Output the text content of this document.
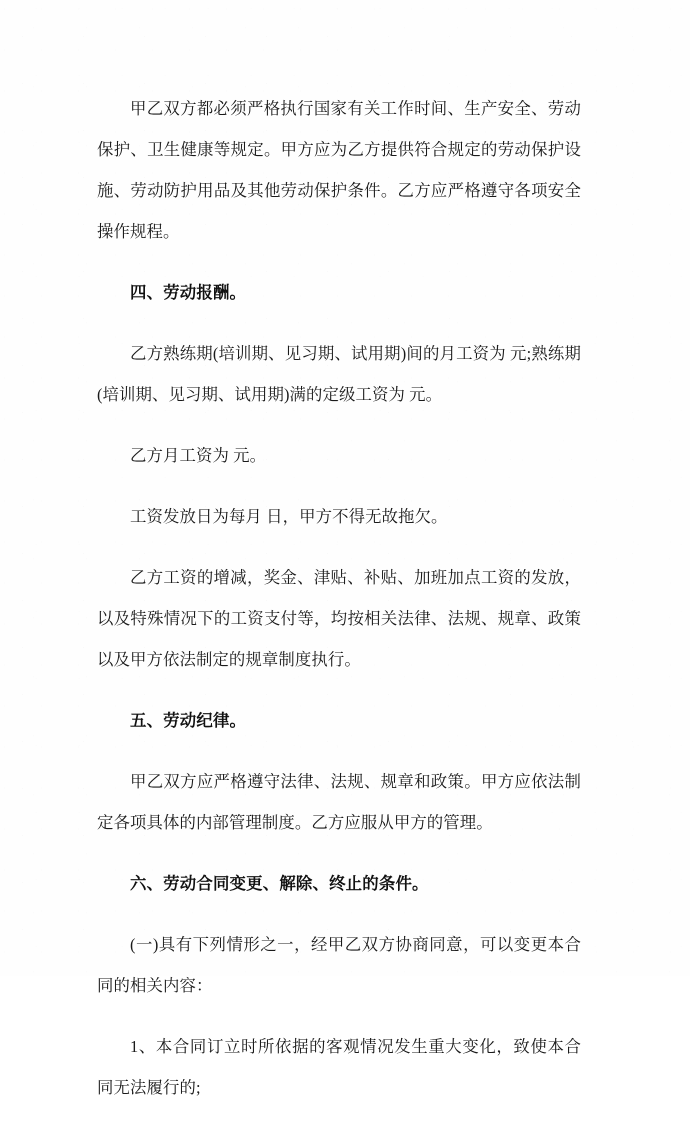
甲乙双方都必须严格执行国家有关工作时间、生产安全、劳动保护、卫生健康等规定。甲方应为乙方提供符合规定的劳动保护设施、劳动防护用品及其他劳动保护条件。乙方应严格遵守各项安全操作规程。

四、劳动报酬。

乙方熟练期(培训期、见习期、试用期)间的月工资为 元;熟练期(培训期、见习期、试用期)满的定级工资为 元。

乙方月工资为 元。

工资发放日为每月 日，甲方不得无故拖欠。

乙方工资的增减，奖金、津贴、补贴、加班加点工资的发放，以及特殊情况下的工资支付等，均按相关法律、法规、规章、政策以及甲方依法制定的规章制度执行。

五、劳动纪律。

甲乙双方应严格遵守法律、法规、规章和政策。甲方应依法制定各项具体的内部管理制度。乙方应服从甲方的管理。

六、劳动合同变更、解除、终止的条件。

(一)具有下列情形之一，经甲乙双方协商同意，可以变更本合同的相关内容：

1、本合同订立时所依据的客观情况发生重大变化，致使本合同无法履行的;
